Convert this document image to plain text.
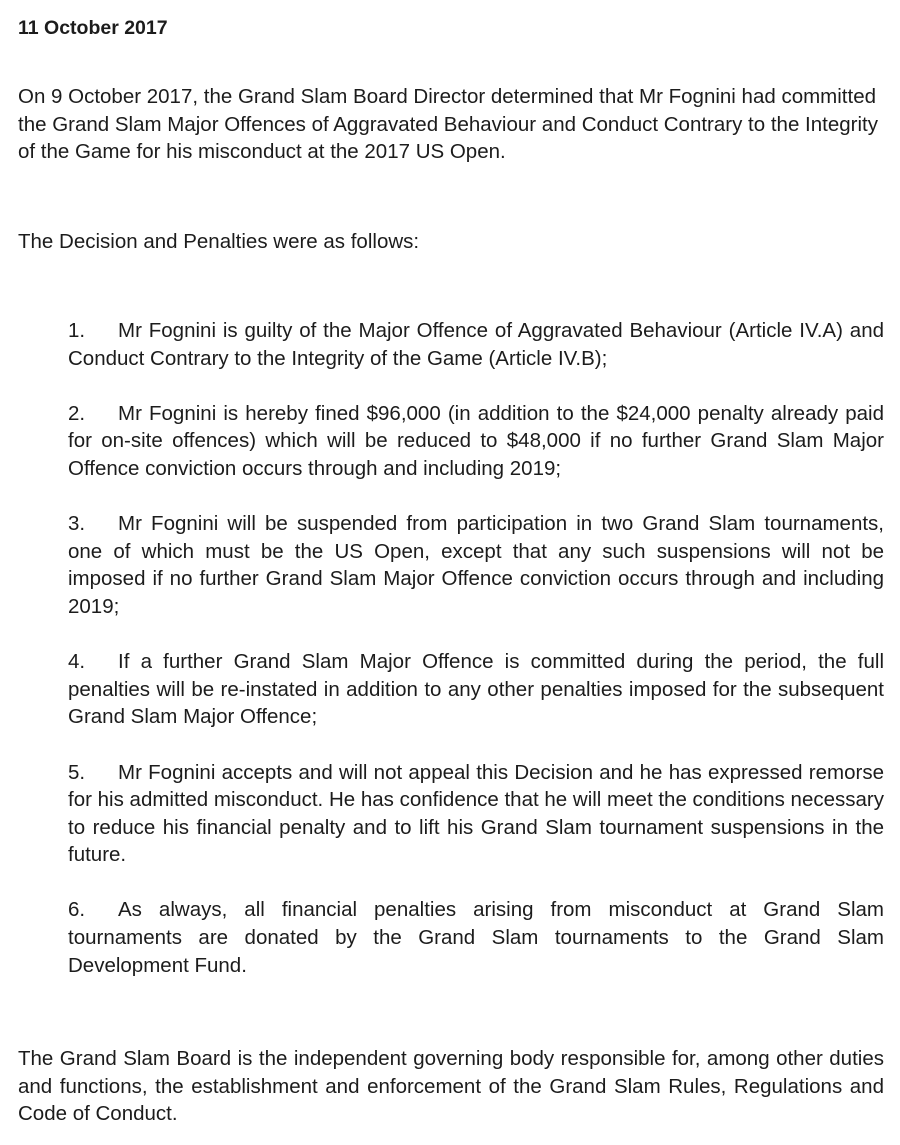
11 October 2017

On 9 October 2017, the Grand Slam Board Director determined that Mr Fognini had committed the Grand Slam Major Offences of Aggravated Behaviour and Conduct Contrary to the Integrity of the Game for his misconduct at the 2017 US Open.

The Decision and Penalties were as follows:

1. Mr Fognini is guilty of the Major Offence of Aggravated Behaviour (Article IV.A) and Conduct Contrary to the Integrity of the Game (Article IV.B);
2. Mr Fognini is hereby fined $96,000 (in addition to the $24,000 penalty already paid for on-site offences) which will be reduced to $48,000 if no further Grand Slam Major Offence conviction occurs through and including 2019;
3. Mr Fognini will be suspended from participation in two Grand Slam tournaments, one of which must be the US Open, except that any such suspensions will not be imposed if no further Grand Slam Major Offence conviction occurs through and including 2019;
4. If a further Grand Slam Major Offence is committed during the period, the full penalties will be re-instated in addition to any other penalties imposed for the subsequent Grand Slam Major Offence;
5. Mr Fognini accepts and will not appeal this Decision and he has expressed remorse for his admitted misconduct. He has confidence that he will meet the conditions necessary to reduce his financial penalty and to lift his Grand Slam tournament suspensions in the future.
6. As always, all financial penalties arising from misconduct at Grand Slam tournaments are donated by the Grand Slam tournaments to the Grand Slam Development Fund.

The Grand Slam Board is the independent governing body responsible for, among other duties and functions, the establishment and enforcement of the Grand Slam Rules, Regulations and Code of Conduct.
